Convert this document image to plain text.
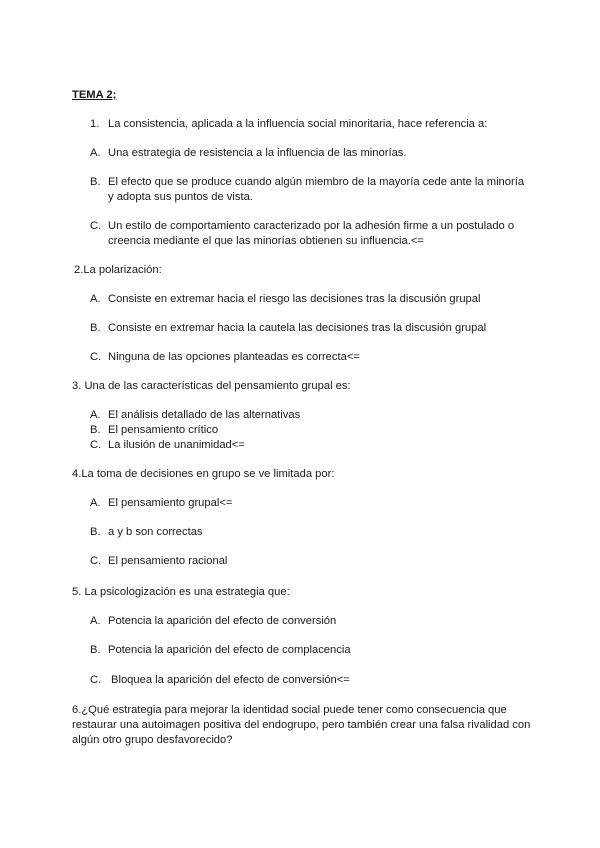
TEMA 2;
1. La consistencia, aplicada a la influencia social minoritaria, hace referencia a:
A. Una estrategia de resistencia a la influencia de las minorías.
B. El efecto que se produce cuando algún miembro de la mayoría cede ante la minoría
y adopta sus puntos de vista.
C. Un estilo de comportamiento caracterizado por la adhesión firme a un postulado o
creencia mediante el que las minorías obtienen su influencia.<=
2.La polarización:
A. Consiste en extremar hacia el riesgo las decisiones tras la discusión grupal
B. Consiste en extremar hacia la cautela las decisiones tras la discusión grupal
C. Ninguna de las opciones planteadas es correcta<=
3. Una de las características del pensamiento grupal es:
A. El análisis detallado de las alternativas
B. El pensamiento crítico
C. La ilusión de unanimidad<=
4.La toma de decisiones en grupo se ve limitada por:
A. El pensamiento grupal<=
B. a y b son correctas
C. El pensamiento racional
5. La psicologización es una estrategia que:
A. Potencia la aparición del efecto de conversión
B. Potencia la aparición del efecto de complacencia
C. Bloquea la aparición del efecto de conversión<=
6.¿Qué estrategia para mejorar la identidad social puede tener como consecuencia que
restaurar una autoimagen positiva del endogrupo, pero también crear una falsa rivalidad con
algún otro grupo desfavorecido?
